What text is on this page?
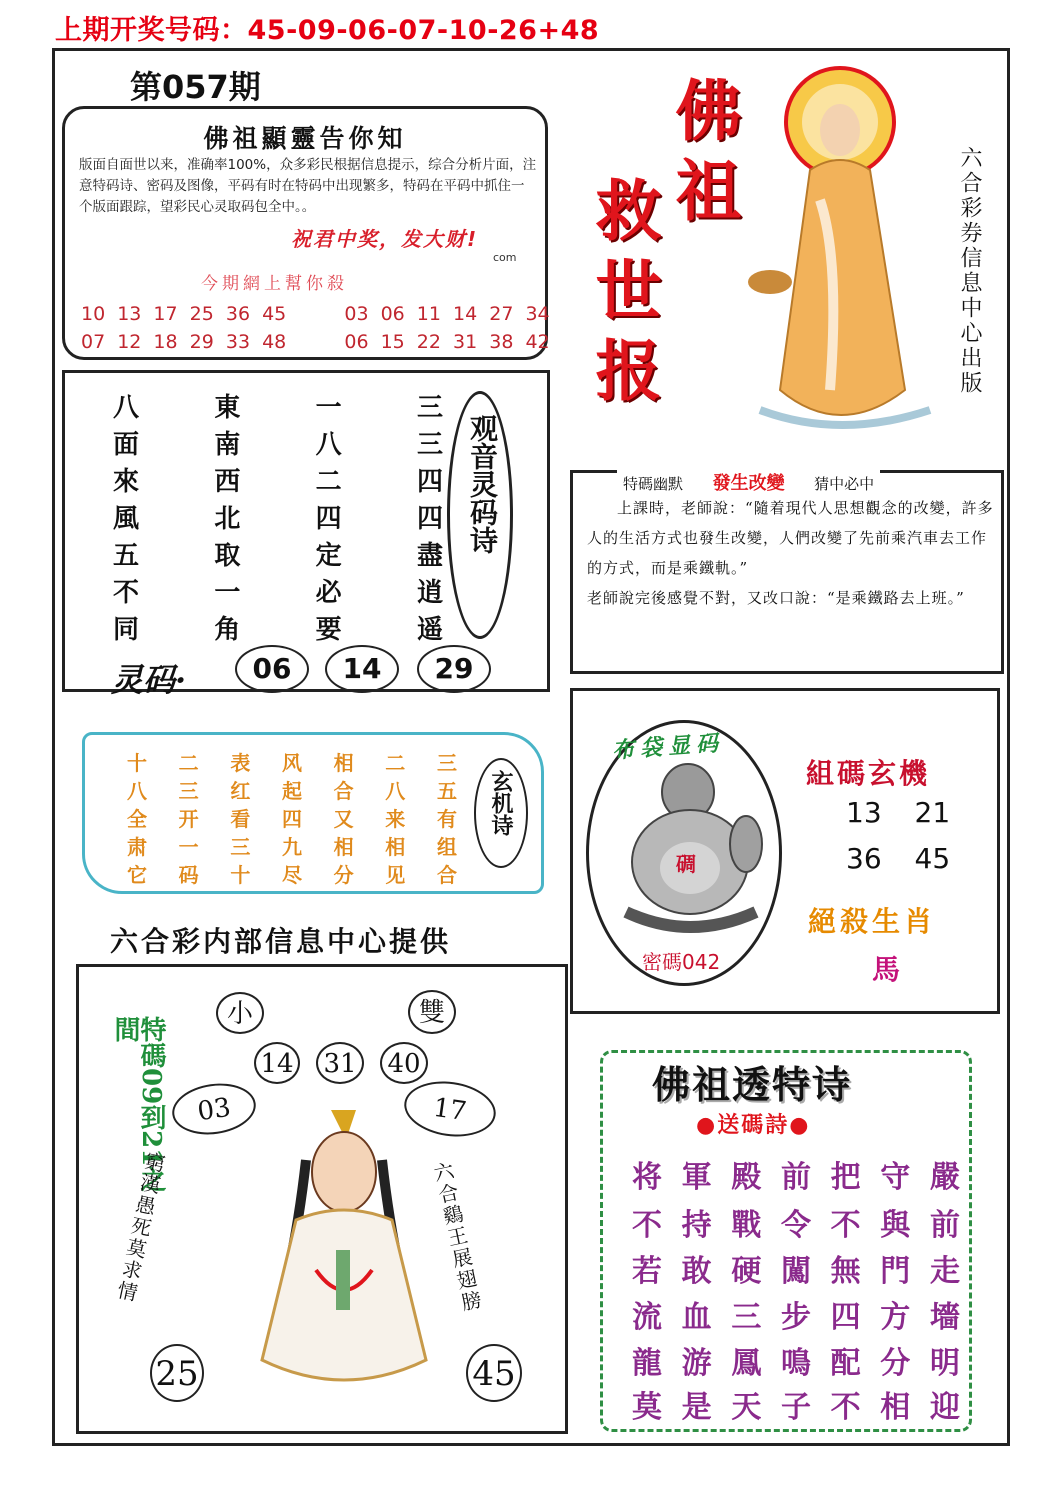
上期开奖号码：45-09-06-07-10-26+48
第057期
佛祖顯靈告你知
版面自面世以来，准确率100%，众多彩民根据信息提示，综合分析片面，注意特码诗、密码及图像，平码有时在特码中出现繁多，特码在平码中抓住一个版面跟踪，望彩民心灵取码包全中。。
祝君中奖，发大财!
com
今期網上幫你殺
10 13 17 25 36 45	03 06 11 14 27 34
07 12 18 29 33 48	06 15 22 31 38 42
佛祖
救世报	六合彩券信息中心出版
八	東	一	三
面	南	八	三
來	西	二	四
風	北	四	四
五	取	定	盡
不	一	必	逍
同	角	要	遥
观音灵码诗
灵码·	06	14	29
特碼幽默 發生改變 猜中必中
上課時，老師說：“隨着現代人思想觀念的改變，許多人的生活方式也發生改變，人們改變了先前乘汽車去工作的方式，而是乘鐵軌。”
老師說完後感覺不對，又改口說：“是乘鐵路去上班。”
十 二 表 风 相 二 三
八 三 红 起 合 八 五
全 开 看 四 又 来 有
肃 一 三 九 相 相 组
它 码 十 尽 分 见 合
玄机诗
六合彩内部信息中心提供
布袋显码
碉
密碼042
組碼玄機
13 21
36 45
絕殺生肖
馬
特碼09到21之間	小	雙
14 31 40
03	17
窮漢愚死莫求情	六合鷄王展翅膀
25	45
佛祖透特诗
●送碼詩●
将 軍 殿 前 把 守 嚴
不 持 戰 令 不 與 前
若 敢 硬 闖 無 門 走
流 血 三 步 四 方 墻
龍 游 鳳 鳴 配 分 明
莫 是 天 子 不 相 迎
